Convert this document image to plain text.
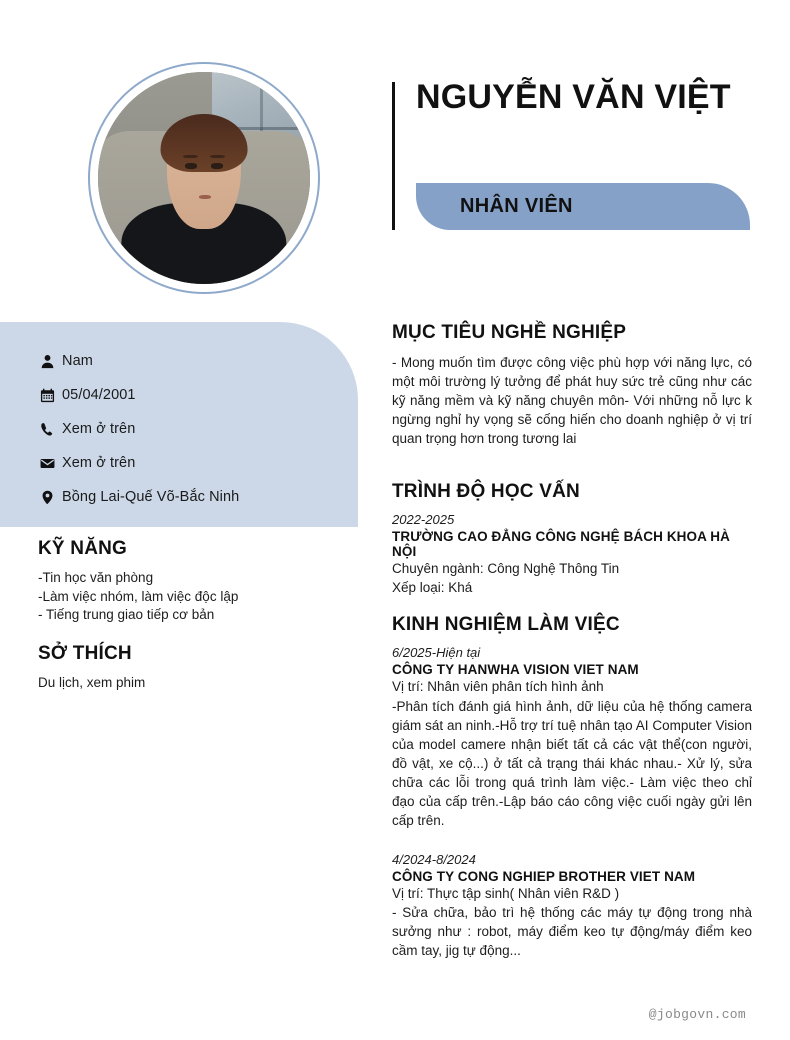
Nam
05/04/2001
Xem ở trên
Xem ở trên
Bồng Lai-Quế Võ-Bắc Ninh
KỸ NĂNG
-Tin học văn phòng
-Làm việc nhóm, làm việc độc lập
- Tiếng trung giao tiếp cơ bản
SỞ THÍCH
Du lịch, xem phim
NGUYỄN VĂN VIỆT
NHÂN VIÊN
MỤC TIÊU NGHỀ NGHIỆP
- Mong muốn tìm được công việc phù hợp với năng lực, có một môi trường lý tưởng để phát huy sức trẻ cũng như các kỹ năng mềm và kỹ năng chuyên môn- Với những nỗ lực k ngừng nghỉ hy vọng sẽ cống hiến cho doanh nghiệp ở vị trí quan trọng hơn trong tương lai
TRÌNH ĐỘ HỌC VẤN
2022-2025
TRƯỜNG CAO ĐẲNG CÔNG NGHỆ BÁCH KHOA HÀ NỘI
Chuyên ngành: Công Nghệ Thông Tin
Xếp loại: Khá
KINH NGHIỆM LÀM VIỆC
6/2025-Hiện tại
CÔNG TY HANWHA VISION VIET NAM
Vị trí: Nhân viên phân tích hình ảnh
-Phân tích đánh giá hình ảnh, dữ liệu của hệ thống camera giám sát an ninh.-Hỗ trợ trí tuệ nhân tạo AI Computer Vision của model camere nhận biết tất cả các vật thể(con người, đồ vật, xe cộ...) ở tất cả trạng thái khác nhau.- Xử lý, sửa chữa các lỗi trong quá trình làm việc.- Làm việc theo chỉ đạo của cấp trên.-Lập báo cáo công việc cuối ngày gửi lên cấp trên.
4/2024-8/2024
CÔNG TY CONG NGHIEP BROTHER VIET NAM
Vị trí: Thực tập sinh( Nhân viên R&D )
- Sửa chữa, bảo trì hệ thống các máy tự động trong nhà sưởng như : robot, máy điểm keo tự động/máy điểm keo cầm tay, jig tự động...
@jobgovn.com
